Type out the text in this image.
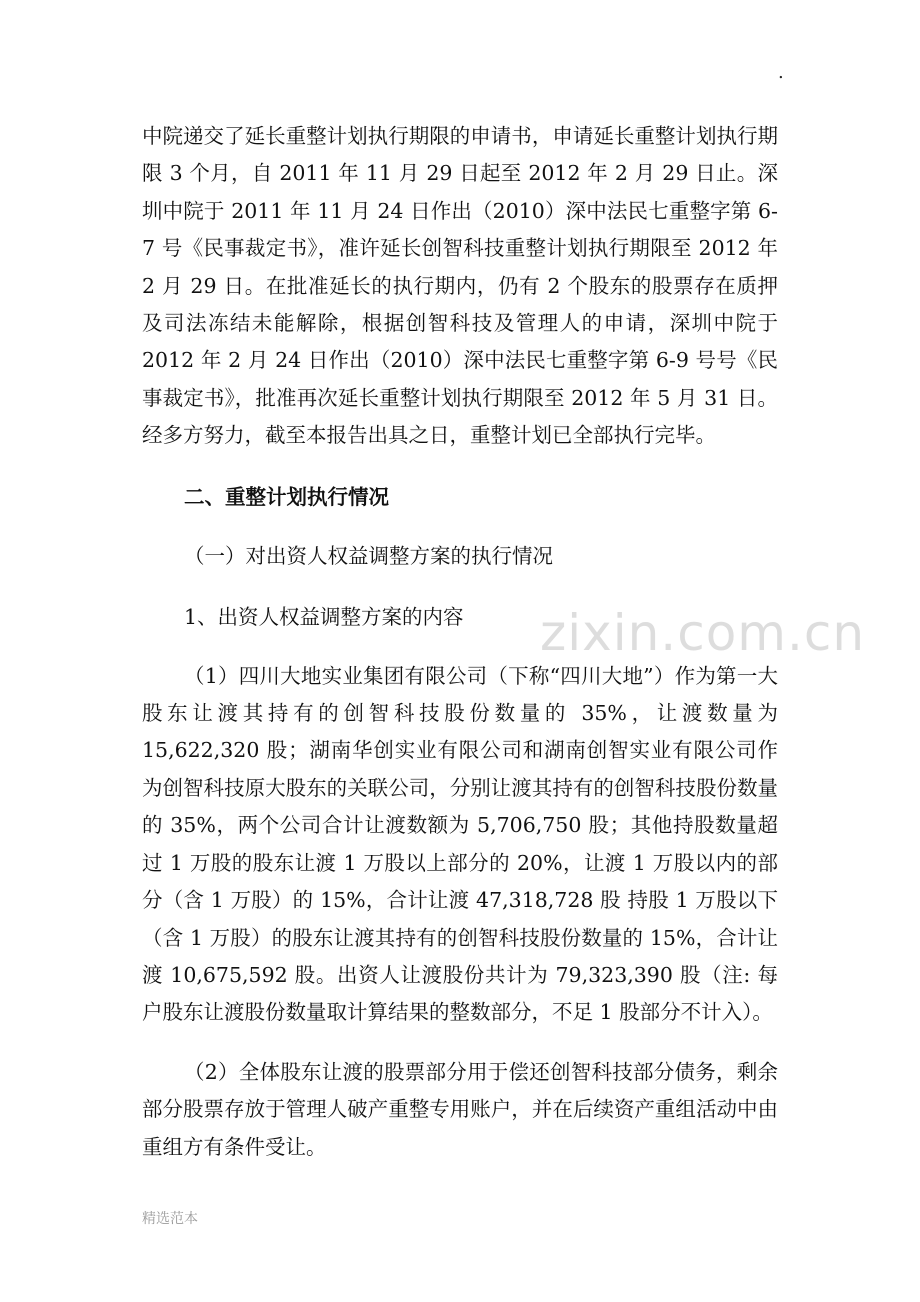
.

中院递交了延长重整计划执行期限的申请书，申请延长重整计划执行期限 3 个月，自 2011 年 11 月 29 日起至 2012 年 2 月 29 日止。深圳中院于 2011 年 11 月 24 日作出（2010）深中法民七重整字第 6-7 号《民事裁定书》，准许延长创智科技重整计划执行期限至 2012 年 2 月 29 日。在批准延长的执行期内，仍有 2 个股东的股票存在质押及司法冻结未能解除，根据创智科技及管理人的申请，深圳中院于 2012 年 2 月 24 日作出（2010）深中法民七重整字第 6-9 号号《民事裁定书》，批准再次延长重整计划执行期限至 2012 年 5 月 31 日。经多方努力，截至本报告出具之日，重整计划已全部执行完毕。

二、重整计划执行情况

（一）对出资人权益调整方案的执行情况

1、出资人权益调整方案的内容

（1）四川大地实业集团有限公司（下称“四川大地”）作为第一大股东让渡其持有的创智科技股份数量的 35%，让渡数量为 15,622,320 股；湖南华创实业有限公司和湖南创智实业有限公司作为创智科技原大股东的关联公司，分别让渡其持有的创智科技股份数量的 35%，两个公司合计让渡数额为 5,706,750 股；其他持股数量超过 1 万股的股东让渡 1 万股以上部分的 20%，让渡 1 万股以内的部分（含 1 万股）的 15%，合计让渡 47,318,728 股 持股 1 万股以下（含 1 万股）的股东让渡其持有的创智科技股份数量的 15%，合计让渡 10,675,592 股。出资人让渡股份共计为 79,323,390 股（注: 每户股东让渡股份数量取计算结果的整数部分，不足 1 股部分不计入）。

（2）全体股东让渡的股票部分用于偿还创智科技部分债务，剩余部分股票存放于管理人破产重整专用账户，并在后续资产重组活动中由重组方有条件受让。

zixin.com.cn
精选范本
